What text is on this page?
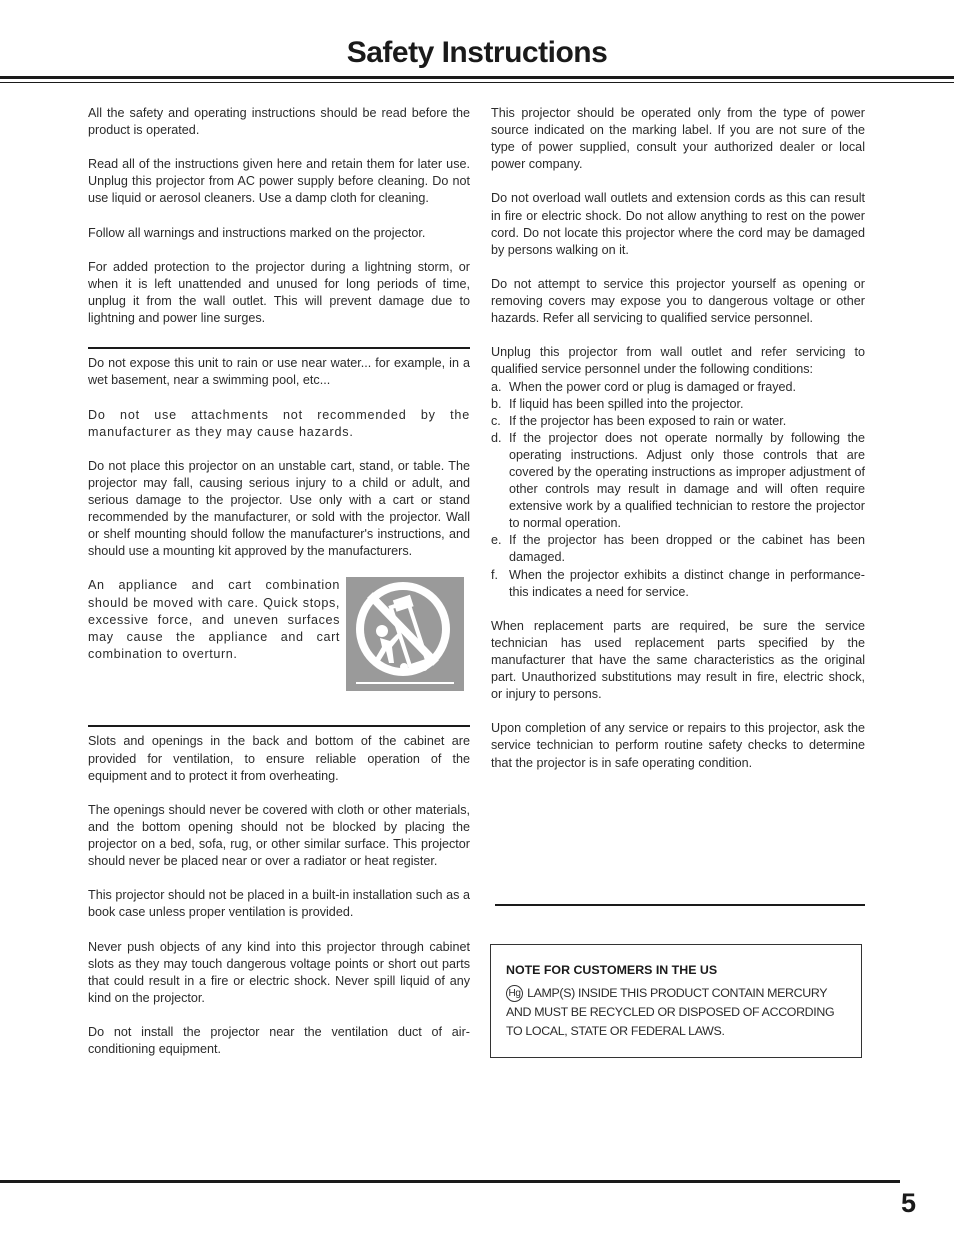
Safety Instructions

All the safety and operating instructions should be read before the product is operated.

Read all of the instructions given here and retain them for later use. Unplug this projector from AC power supply before cleaning. Do not use liquid or aerosol cleaners. Use a damp cloth for cleaning.

Follow all warnings and instructions marked on the projector.

For added protection to the projector during a lightning storm, or when it is left unattended and unused for long periods of time, unplug it from the wall outlet. This will prevent damage due to lightning and power line surges.

Do not expose this unit to rain or use near water... for example, in a wet basement, near a swimming pool, etc...

Do not use attachments not recommended by the manufacturer as they may cause hazards.

Do not place this projector on an unstable cart, stand, or table. The projector may fall, causing serious injury to a child or adult, and serious damage to the projector. Use only with a cart or stand recommended by the manufacturer, or sold with the projector. Wall or shelf mounting should follow the manufacturer's instructions, and should use a mounting kit approved by the manufacturers.

An appliance and cart combination should be moved with care. Quick stops, excessive force, and uneven surfaces may cause the appliance and cart combination to overturn.

Slots and openings in the back and bottom of the cabinet are provided for ventilation, to ensure reliable operation of the equipment and to protect it from overheating.

The openings should never be covered with cloth or other materials, and the bottom opening should not be blocked by placing the projector on a bed, sofa, rug, or other similar surface. This projector should never be placed near or over a radiator or heat register.

This projector should not be placed in a built-in installation such as a book case unless proper ventilation is provided.

Never push objects of any kind into this projector through cabinet slots as they may touch dangerous voltage points or short out parts that could result in a fire or electric shock. Never spill liquid of any kind on the projector.

Do not install the projector near the ventilation duct of air-conditioning equipment.

This projector should be operated only from the type of power source indicated on the marking label. If you are not sure of the type of power supplied, consult your authorized dealer or local power company.

Do not overload wall outlets and extension cords as this can result in fire or electric shock. Do not allow anything to rest on the power cord. Do not locate this projector where the cord may be damaged by persons walking on it.

Do not attempt to service this projector yourself as opening or removing covers may expose you to dangerous voltage or other hazards. Refer all servicing to qualified service personnel.

Unplug this projector from wall outlet and refer servicing to qualified service personnel under the following conditions:

a. When the power cord or plug is damaged or frayed.
b. If liquid has been spilled into the projector.
c. If the projector has been exposed to rain or water.
d. If the projector does not operate normally by following the operating instructions. Adjust only those controls that are covered by the operating instructions as improper adjustment of other controls may result in damage and will often require extensive work by a qualified technician to restore the projector to normal operation.
e. If the projector has been dropped or the cabinet has been damaged.
f. When the projector exhibits a distinct change in performance-this indicates a need for service.

When replacement parts are required, be sure the service technician has used replacement parts specified by the manufacturer that have the same characteristics as the original part. Unauthorized substitutions may result in fire, electric shock, or injury to persons.

Upon completion of any service or repairs to this projector, ask the service technician to perform routine safety checks to determine that the projector is in safe operating condition.

NOTE FOR CUSTOMERS IN THE US
Hg LAMP(S) INSIDE THIS PRODUCT CONTAIN MERCURY AND MUST BE RECYCLED OR DISPOSED OF ACCORDING TO LOCAL, STATE OR FEDERAL LAWS.
5
